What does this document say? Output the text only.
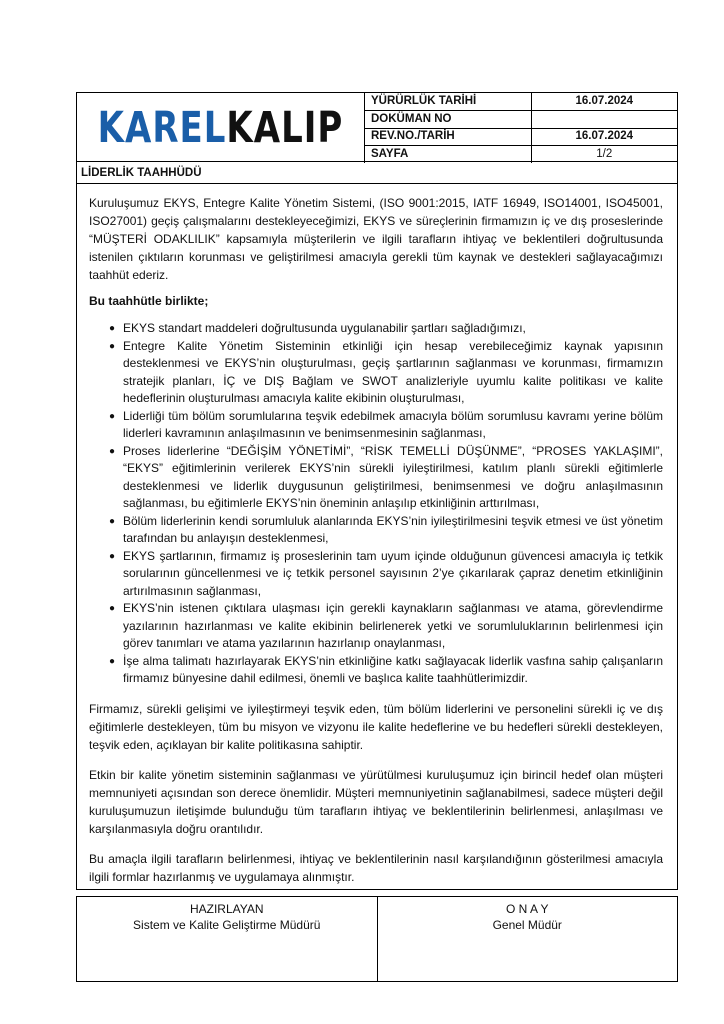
KARELKALIP
YÜRÜRLÜK TARİHİ	16.07.2024
DOKÜMAN NO	
REV.NO./TARİH	16.07.2024
SAYFA	1/2
LİDERLİK TAAHHÜDÜ

Kuruluşumuz EKYS, Entegre Kalite Yönetim Sistemi, (ISO 9001:2015, IATF 16949, ISO14001, ISO45001, ISO27001) geçiş çalışmalarını destekleyeceğimizi, EKYS ve süreçlerinin firmamızın iç ve dış proseslerinde “MÜŞTERİ ODAKLILIK” kapsamıyla müşterilerin ve ilgili tarafların ihtiyaç ve beklentileri doğrultusunda istenilen çıktıların korunması ve geliştirilmesi amacıyla gerekli tüm kaynak ve destekleri sağlayacağımızı taahhüt ederiz.

Bu taahhütle birlikte;

● EKYS standart maddeleri doğrultusunda uygulanabilir şartları sağladığımızı,
● Entegre Kalite Yönetim Sisteminin etkinliği için hesap verebileceğimiz kaynak yapısının desteklenmesi ve EKYS’nin oluşturulması, geçiş şartlarının sağlanması ve korunması, firmamızın stratejik planları, İÇ ve DIŞ Bağlam ve SWOT analizleriyle uyumlu kalite politikası ve kalite hedeflerinin oluşturulması amacıyla kalite ekibinin oluşturulması,
● Liderliği tüm bölüm sorumlularına teşvik edebilmek amacıyla bölüm sorumlusu kavramı yerine bölüm liderleri kavramının anlaşılmasının ve benimsenmesinin sağlanması,
● Proses liderlerine “DEĞİŞİM YÖNETİMİ”, “RİSK TEMELLİ DÜŞÜNME”, “PROSES YAKLAŞIMI”, “EKYS” eğitimlerinin verilerek EKYS’nin sürekli iyileştirilmesi, katılım planlı sürekli eğitimlerle desteklenmesi ve liderlik duygusunun geliştirilmesi, benimsenmesi ve doğru anlaşılmasının sağlanması, bu eğitimlerle EKYS’nin öneminin anlaşılıp etkinliğinin arttırılması,
● Bölüm liderlerinin kendi sorumluluk alanlarında EKYS’nin iyileştirilmesini teşvik etmesi ve üst yönetim tarafından bu anlayışın desteklenmesi,
● EKYS şartlarının, firmamız iş proseslerinin tam uyum içinde olduğunun güvencesi amacıyla iç tetkik sorularının güncellenmesi ve iç tetkik personel sayısının 2’ye çıkarılarak çapraz denetim etkinliğinin artırılmasının sağlanması,
● EKYS’nin istenen çıktılara ulaşması için gerekli kaynakların sağlanması ve atama, görevlendirme yazılarının hazırlanması ve kalite ekibinin belirlenerek yetki ve sorumluluklarının belirlenmesi için görev tanımları ve atama yazılarının hazırlanıp onaylanması,
● İşe alma talimatı hazırlayarak EKYS’nin etkinliğine katkı sağlayacak liderlik vasfına sahip çalışanların firmamız bünyesine dahil edilmesi, önemli ve başlıca kalite taahhütlerimizdir.

Firmamız, sürekli gelişimi ve iyileştirmeyi teşvik eden, tüm bölüm liderlerini ve personelini sürekli iç ve dış eğitimlerle destekleyen, tüm bu misyon ve vizyonu ile kalite hedeflerine ve bu hedefleri sürekli destekleyen, teşvik eden, açıklayan bir kalite politikasına sahiptir.

Etkin bir kalite yönetim sisteminin sağlanması ve yürütülmesi kuruluşumuz için birincil hedef olan müşteri memnuniyeti açısından son derece önemlidir. Müşteri memnuniyetinin sağlanabilmesi, sadece müşteri değil kuruluşumuzun iletişimde bulunduğu tüm tarafların ihtiyaç ve beklentilerinin belirlenmesi, anlaşılması ve karşılanmasıyla doğru orantılıdır.

Bu amaçla ilgili tarafların belirlenmesi, ihtiyaç ve beklentilerinin nasıl karşılandığının gösterilmesi amacıyla ilgili formlar hazırlanmış ve uygulamaya alınmıştır.

HAZIRLAYAN
Sistem ve Kalite Geliştirme Müdürü
O N A Y
Genel Müdür
